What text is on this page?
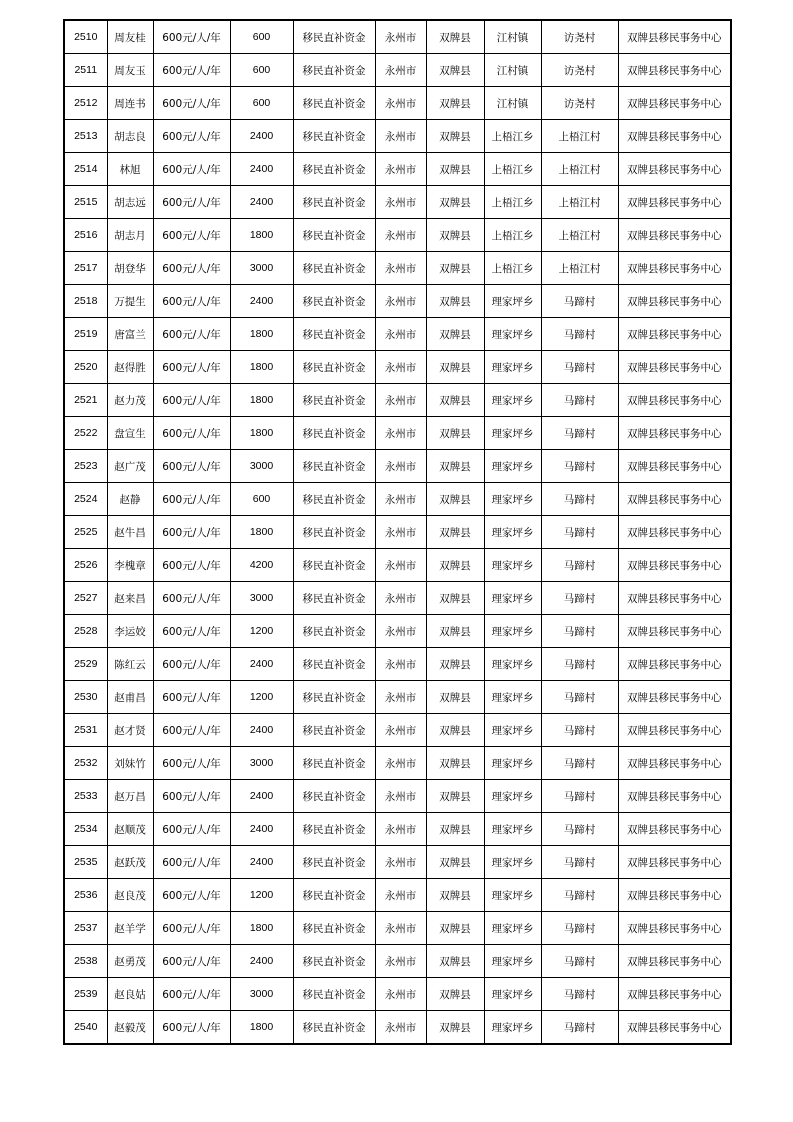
2510	周友桂	600元/人/年	600	移民直补资金	永州市	双牌县	江村镇	访尧村	双牌县移民事务中心
2511	周友玉	600元/人/年	600	移民直补资金	永州市	双牌县	江村镇	访尧村	双牌县移民事务中心
2512	周连书	600元/人/年	600	移民直补资金	永州市	双牌县	江村镇	访尧村	双牌县移民事务中心
2513	胡志良	600元/人/年	2400	移民直补资金	永州市	双牌县	上梧江乡	上梧江村	双牌县移民事务中心
2514	林旭	600元/人/年	2400	移民直补资金	永州市	双牌县	上梧江乡	上梧江村	双牌县移民事务中心
2515	胡志远	600元/人/年	2400	移民直补资金	永州市	双牌县	上梧江乡	上梧江村	双牌县移民事务中心
2516	胡志月	600元/人/年	1800	移民直补资金	永州市	双牌县	上梧江乡	上梧江村	双牌县移民事务中心
2517	胡登华	600元/人/年	3000	移民直补资金	永州市	双牌县	上梧江乡	上梧江村	双牌县移民事务中心
2518	万提生	600元/人/年	2400	移民直补资金	永州市	双牌县	理家坪乡	马蹄村	双牌县移民事务中心
2519	唐富兰	600元/人/年	1800	移民直补资金	永州市	双牌县	理家坪乡	马蹄村	双牌县移民事务中心
2520	赵得胜	600元/人/年	1800	移民直补资金	永州市	双牌县	理家坪乡	马蹄村	双牌县移民事务中心
2521	赵力茂	600元/人/年	1800	移民直补资金	永州市	双牌县	理家坪乡	马蹄村	双牌县移民事务中心
2522	盘宣生	600元/人/年	1800	移民直补资金	永州市	双牌县	理家坪乡	马蹄村	双牌县移民事务中心
2523	赵广茂	600元/人/年	3000	移民直补资金	永州市	双牌县	理家坪乡	马蹄村	双牌县移民事务中心
2524	赵静	600元/人/年	600	移民直补资金	永州市	双牌县	理家坪乡	马蹄村	双牌县移民事务中心
2525	赵牛昌	600元/人/年	1800	移民直补资金	永州市	双牌县	理家坪乡	马蹄村	双牌县移民事务中心
2526	李槐章	600元/人/年	4200	移民直补资金	永州市	双牌县	理家坪乡	马蹄村	双牌县移民事务中心
2527	赵来昌	600元/人/年	3000	移民直补资金	永州市	双牌县	理家坪乡	马蹄村	双牌县移民事务中心
2528	李运姣	600元/人/年	1200	移民直补资金	永州市	双牌县	理家坪乡	马蹄村	双牌县移民事务中心
2529	陈红云	600元/人/年	2400	移民直补资金	永州市	双牌县	理家坪乡	马蹄村	双牌县移民事务中心
2530	赵甫昌	600元/人/年	1200	移民直补资金	永州市	双牌县	理家坪乡	马蹄村	双牌县移民事务中心
2531	赵才贤	600元/人/年	2400	移民直补资金	永州市	双牌县	理家坪乡	马蹄村	双牌县移民事务中心
2532	刘妹竹	600元/人/年	3000	移民直补资金	永州市	双牌县	理家坪乡	马蹄村	双牌县移民事务中心
2533	赵万昌	600元/人/年	2400	移民直补资金	永州市	双牌县	理家坪乡	马蹄村	双牌县移民事务中心
2534	赵顺茂	600元/人/年	2400	移民直补资金	永州市	双牌县	理家坪乡	马蹄村	双牌县移民事务中心
2535	赵跃茂	600元/人/年	2400	移民直补资金	永州市	双牌县	理家坪乡	马蹄村	双牌县移民事务中心
2536	赵良茂	600元/人/年	1200	移民直补资金	永州市	双牌县	理家坪乡	马蹄村	双牌县移民事务中心
2537	赵羊学	600元/人/年	1800	移民直补资金	永州市	双牌县	理家坪乡	马蹄村	双牌县移民事务中心
2538	赵勇茂	600元/人/年	2400	移民直补资金	永州市	双牌县	理家坪乡	马蹄村	双牌县移民事务中心
2539	赵良姑	600元/人/年	3000	移民直补资金	永州市	双牌县	理家坪乡	马蹄村	双牌县移民事务中心
2540	赵毅茂	600元/人/年	1800	移民直补资金	永州市	双牌县	理家坪乡	马蹄村	双牌县移民事务中心
